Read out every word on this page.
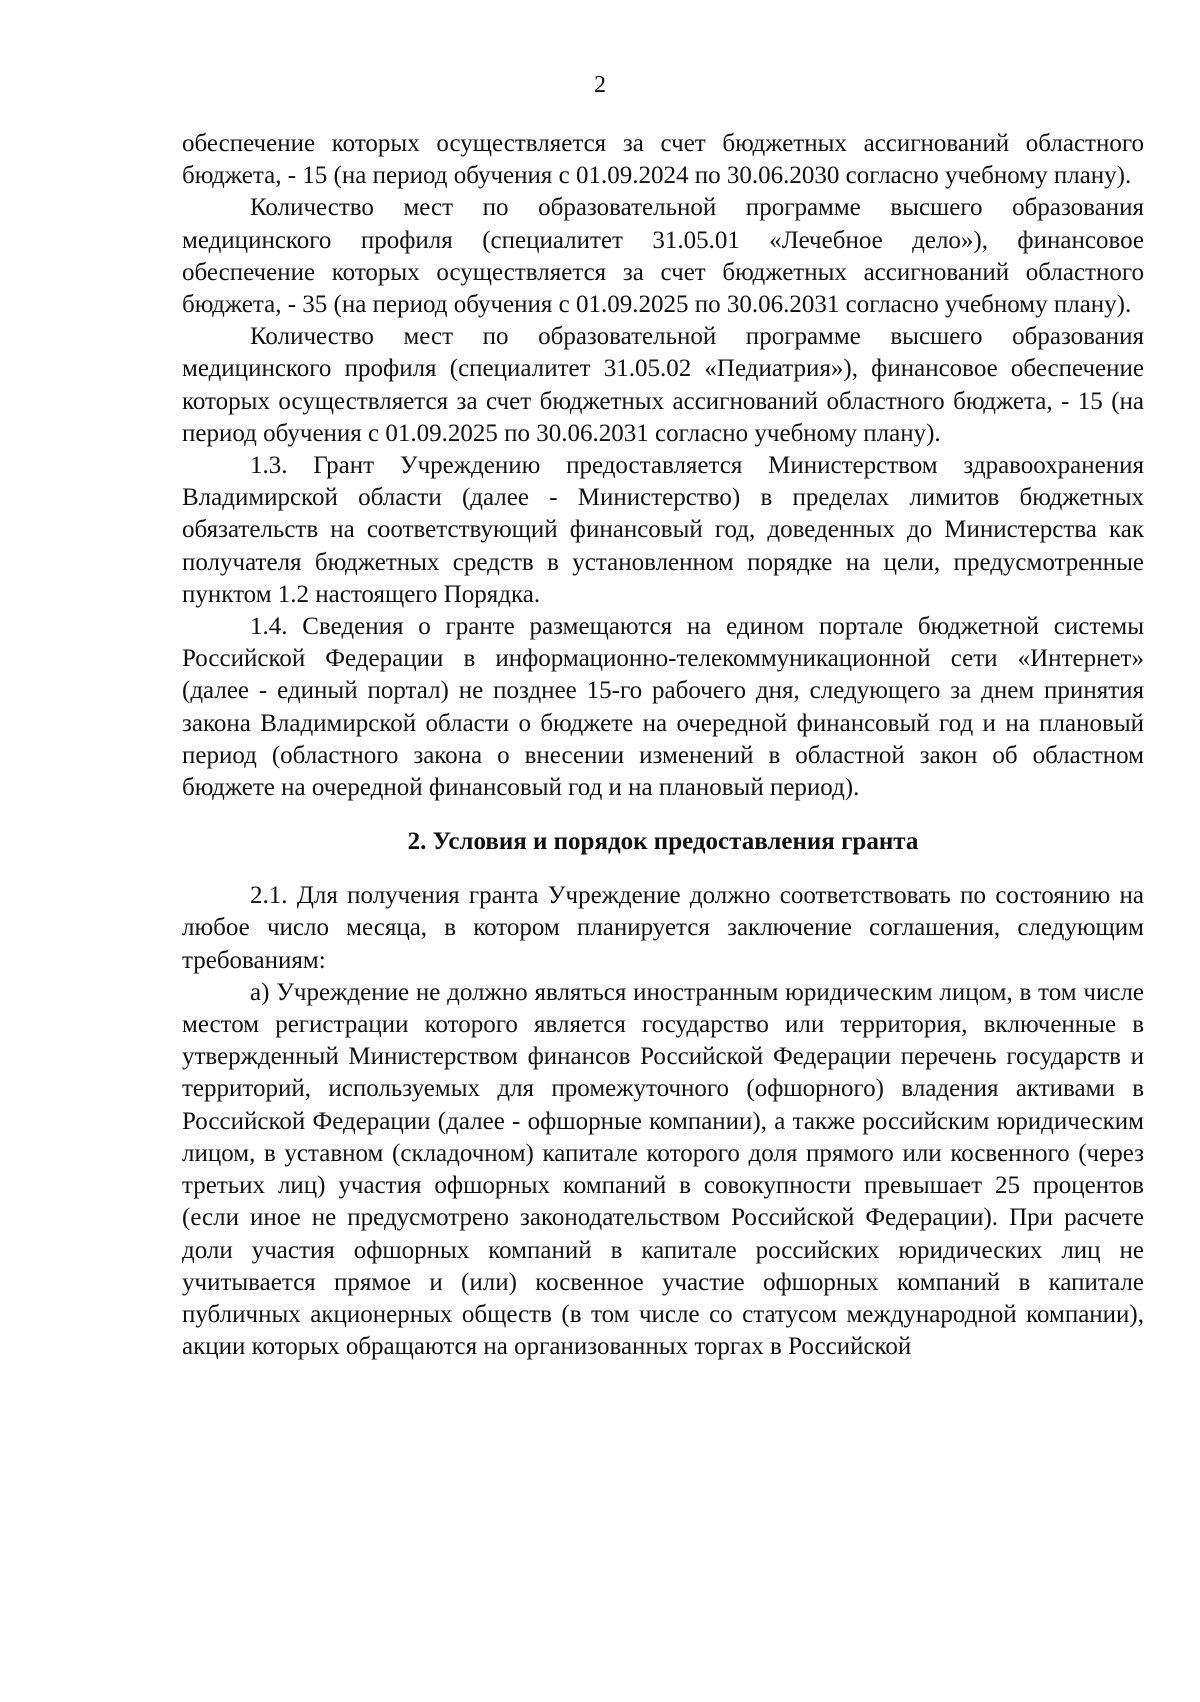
2

обеспечение которых осуществляется за счет бюджетных ассигнований областного бюджета, - 15 (на период обучения с 01.09.2024 по 30.06.2030 согласно учебному плану).

Количество мест по образовательной программе высшего образования медицинского профиля (специалитет 31.05.01 «Лечебное дело»), финансовое обеспечение которых осуществляется за счет бюджетных ассигнований областного бюджета, - 35 (на период обучения с 01.09.2025 по 30.06.2031 согласно учебному плану).

Количество мест по образовательной программе высшего образования медицинского профиля (специалитет 31.05.02 «Педиатрия»), финансовое обеспечение которых осуществляется за счет бюджетных ассигнований областного бюджета, - 15 (на период обучения с 01.09.2025 по 30.06.2031 согласно учебному плану).

1.3. Грант Учреждению предоставляется Министерством здравоохранения Владимирской области (далее - Министерство) в пределах лимитов бюджетных обязательств на соответствующий финансовый год, доведенных до Министерства как получателя бюджетных средств в установленном порядке на цели, предусмотренные пунктом 1.2 настоящего Порядка.

1.4. Сведения о гранте размещаются на едином портале бюджетной системы Российской Федерации в информационно-телекоммуникационной сети «Интернет» (далее - единый портал) не позднее 15-го рабочего дня, следующего за днем принятия закона Владимирской области о бюджете на очередной финансовый год и на плановый период (областного закона о внесении изменений в областной закон об областном бюджете на очередной финансовый год и на плановый период).

2. Условия и порядок предоставления гранта

2.1. Для получения гранта Учреждение должно соответствовать по состоянию на любое число месяца, в котором планируется заключение соглашения, следующим требованиям:

а) Учреждение не должно являться иностранным юридическим лицом, в том числе местом регистрации которого является государство или территория, включенные в утвержденный Министерством финансов Российской Федерации перечень государств и территорий, используемых для промежуточного (офшорного) владения активами в Российской Федерации (далее - офшорные компании), а также российским юридическим лицом, в уставном (складочном) капитале которого доля прямого или косвенного (через третьих лиц) участия офшорных компаний в совокупности превышает 25 процентов (если иное не предусмотрено законодательством Российской Федерации). При расчете доли участия офшорных компаний в капитале российских юридических лиц не учитывается прямое и (или) косвенное участие офшорных компаний в капитале публичных акционерных обществ (в том числе со статусом международной компании), акции которых обращаются на организованных торгах в Российской
